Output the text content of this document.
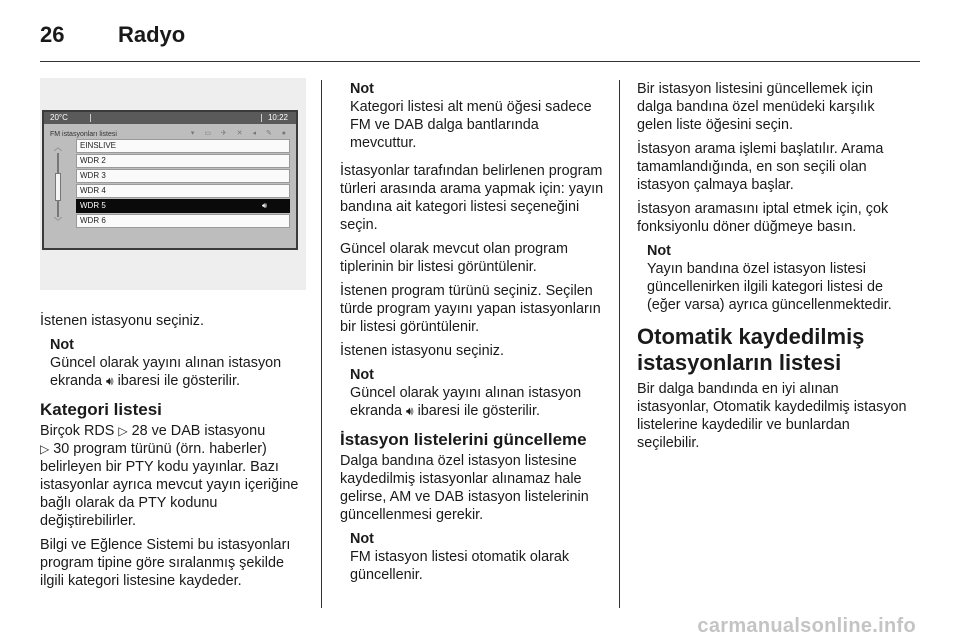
26 Radyo
20°C	10:22
FM istasyonları listesi	▾ ▭ ✈ ✕ ◂ ✎ ●
︿
﹀
EINSLIVE
WDR 2
WDR 3
WDR 4
WDR 5	🔊︎
WDR 6

İstenen istasyonu seçiniz.

Not
Güncel olarak yayını alınan istasyon ekranda 🔊︎ ibaresi ile gösterilir.
Kategori listesi

Birçok RDS ▷ 28 ve DAB istasyonu
▷ 30 program türünü (örn. haberler) belirleyen bir PTY kodu yayınlar. Bazı istasyonlar ayrıca mevcut yayın içeriğine bağlı olarak da PTY kodunu değiştirebilirler.

Bilgi ve Eğlence Sistemi bu istasyonları program tipine göre sıralanmış şekilde ilgili kategori listesine kaydeder.

Not
Kategori listesi alt menü öğesi sadece FM ve DAB dalga bantlarında mevcuttur.

İstasyonlar tarafından belirlenen program türleri arasında arama yapmak için: yayın bandına ait kategori listesi seçeneğini seçin.

Güncel olarak mevcut olan program tiplerinin bir listesi görüntülenir.

İstenen program türünü seçiniz. Seçilen türde program yayını yapan istasyonların bir listesi görüntülenir.

İstenen istasyonu seçiniz.

Not
Güncel olarak yayını alınan istasyon ekranda 🔊︎ ibaresi ile gösterilir.
İstasyon listelerini güncelleme

Dalga bandına özel istasyon listesine kaydedilmiş istasyonlar alınamaz hale gelirse, AM ve DAB istasyon listelerinin güncellenmesi gerekir.

Not
FM istasyon listesi otomatik olarak güncellenir.

Bir istasyon listesini güncellemek için dalga bandına özel menüdeki karşılık gelen liste öğesini seçin.

İstasyon arama işlemi başlatılır. Arama tamamlandığında, en son seçili olan istasyon çalmaya başlar.

İstasyon aramasını iptal etmek için, çok fonksiyonlu döner düğmeye basın.

Not
Yayın bandına özel istasyon listesi güncellenirken ilgili kategori listesi de (eğer varsa) ayrıca güncellenmektedir.
Otomatik kaydedilmiş istasyonların listesi

Bir dalga bandında en iyi alınan istasyonlar, Otomatik kaydedilmiş istasyon listelerine kaydedilir ve bunlardan seçilebilir.

carmanualsonline.info
